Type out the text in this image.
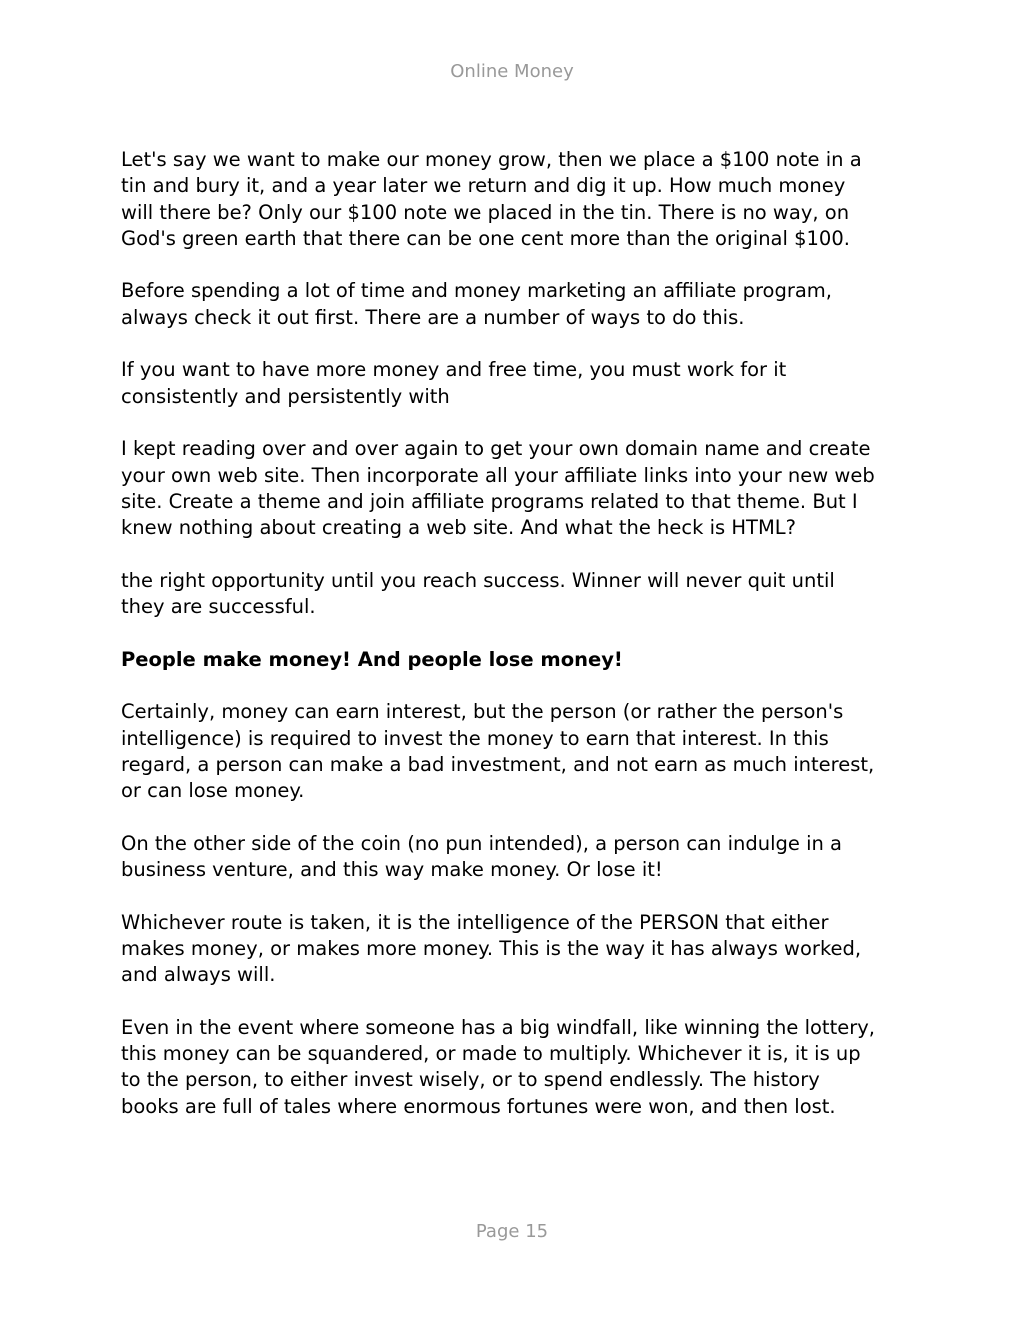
Online Money

Let's say we want to make our money grow, then we place a $100 note in a
tin and bury it, and a year later we return and dig it up. How much money
will there be? Only our $100 note we placed in the tin. There is no way, on
God's green earth that there can be one cent more than the original $100.

Before spending a lot of time and money marketing an affiliate program,
always check it out first. There are a number of ways to do this.

If you want to have more money and free time, you must work for it
consistently and persistently with

I kept reading over and over again to get your own domain name and create
your own web site. Then incorporate all your affiliate links into your new web
site. Create a theme and join affiliate programs related to that theme. But I
knew nothing about creating a web site. And what the heck is HTML?

the right opportunity until you reach success. Winner will never quit until
they are successful.

People make money! And people lose money!

Certainly, money can earn interest, but the person (or rather the person's
intelligence) is required to invest the money to earn that interest. In this
regard, a person can make a bad investment, and not earn as much interest,
or can lose money.

On the other side of the coin (no pun intended), a person can indulge in a
business venture, and this way make money. Or lose it!

Whichever route is taken, it is the intelligence of the PERSON that either
makes money, or makes more money. This is the way it has always worked,
and always will.

Even in the event where someone has a big windfall, like winning the lottery,
this money can be squandered, or made to multiply. Whichever it is, it is up
to the person, to either invest wisely, or to spend endlessly. The history
books are full of tales where enormous fortunes were won, and then lost.

Page 15
